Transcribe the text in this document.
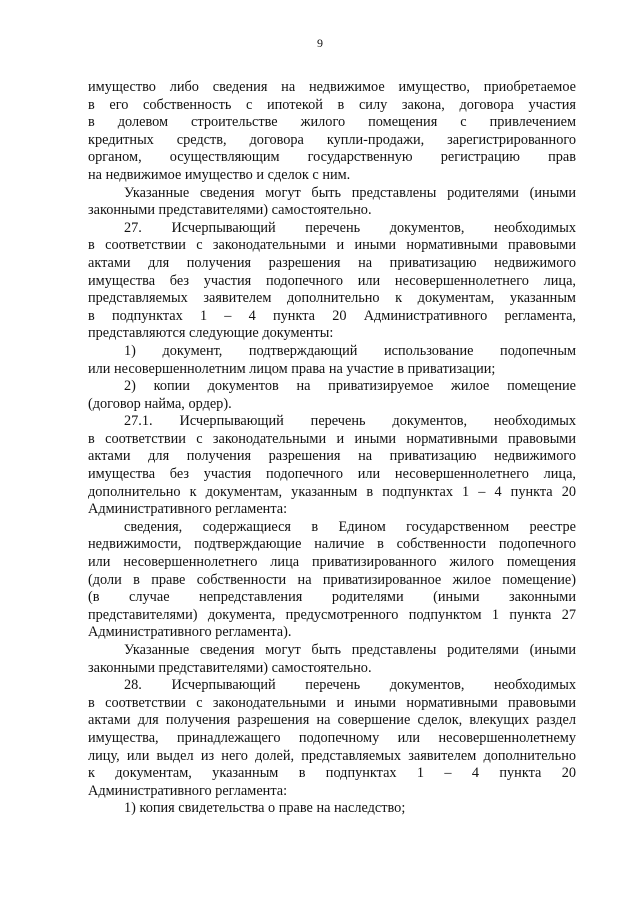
9

имущество либо сведения на недвижимое имущество, приобретаемое

в его собственность с ипотекой в силу закона, договора участия

в долевом строительстве жилого помещения с привлечением

кредитных средств, договора купли-продажи, зарегистрированного

органом, осуществляющим государственную регистрацию прав

на недвижимое имущество и сделок с ним.

Указанные сведения могут быть представлены родителями (иными

законными представителями) самостоятельно.

27. Исчерпывающий перечень документов, необходимых

в соответствии с законодательными и иными нормативными правовыми

актами для получения разрешения на приватизацию недвижимого

имущества без участия подопечного или несовершеннолетнего лица,

представляемых заявителем дополнительно к документам, указанным

в подпунктах 1 – 4 пункта 20 Административного регламента,

представляются следующие документы:

1) документ, подтверждающий использование подопечным

или несовершеннолетним лицом права на участие в приватизации;

2) копии документов на приватизируемое жилое помещение

(договор найма, ордер).

27.1. Исчерпывающий перечень документов, необходимых

в соответствии с законодательными и иными нормативными правовыми

актами для получения разрешения на приватизацию недвижимого

имущества без участия подопечного или несовершеннолетнего лица,

дополнительно к документам, указанным в подпунктах 1 – 4 пункта 20

Административного регламента:

сведения, содержащиеся в Едином государственном реестре

недвижимости, подтверждающие наличие в собственности подопечного

или несовершеннолетнего лица приватизированного жилого помещения

(доли в праве собственности на приватизированное жилое помещение)

(в случае непредставления родителями (иными законными

представителями) документа, предусмотренного подпунктом 1 пункта 27

Административного регламента).

Указанные сведения могут быть представлены родителями (иными

законными представителями) самостоятельно.

28. Исчерпывающий перечень документов, необходимых

в соответствии с законодательными и иными нормативными правовыми

актами для получения разрешения на совершение сделок, влекущих раздел

имущества, принадлежащего подопечному или несовершеннолетнему

лицу, или выдел из него долей, представляемых заявителем дополнительно

к документам, указанным в подпунктах 1 – 4 пункта 20

Административного регламента:

1) копия свидетельства о праве на наследство;
